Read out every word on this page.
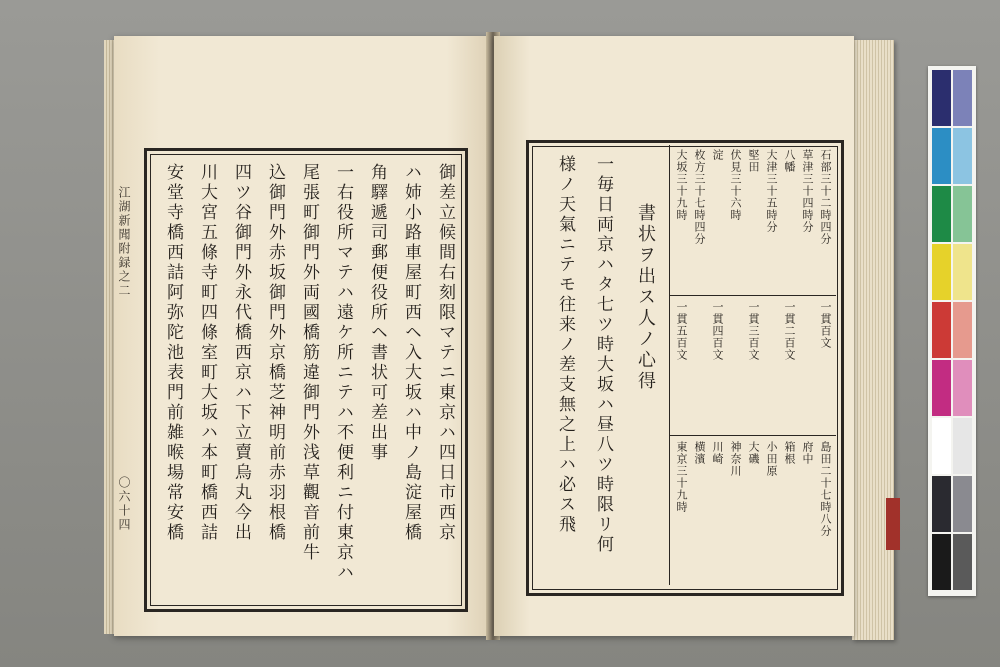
江湖新聞附録之二
〇六十四	御差立候間右刻限マテニ東京ハ四日市西京
ハ姉小路車屋町西ヘ入大坂ハ中ノ島淀屋橋
角驛遞司郵便役所ヘ書状可差出事
一右役所マテハ遠ケ所ニテハ不便利ニ付東京ハ
尾張町御門外両國橋筋違御門外浅草觀音前牛
込御門外赤坂御門外京橋芝神明前赤羽根橋
四ツ谷御門外永代橋西京ハ下立賣烏丸今出
川大宮五條寺町四條室町大坂ハ本町橋西詰
安堂寺橋西詰阿弥陀池表門前雑喉場常安橋	石部三十二時四分
草津三十四時分
八幡
大津三十五時分
堅田
伏見三十六時
淀
枚方三十七時四分
大坂三十九時
一貫百文
一貫二百文
一貫三百文
一貫四百文
一貫五百文
島田二十七時八分
府中
箱根
小田原
大磯
神奈川
川崎
横濱
東京三十九時
書状ヲ出ス人ノ心得
一毎日両京ハタ七ツ時大坂ハ昼八ツ時限リ何
様ノ天氣ニテモ往来ノ差支無之上ハ必ス飛
